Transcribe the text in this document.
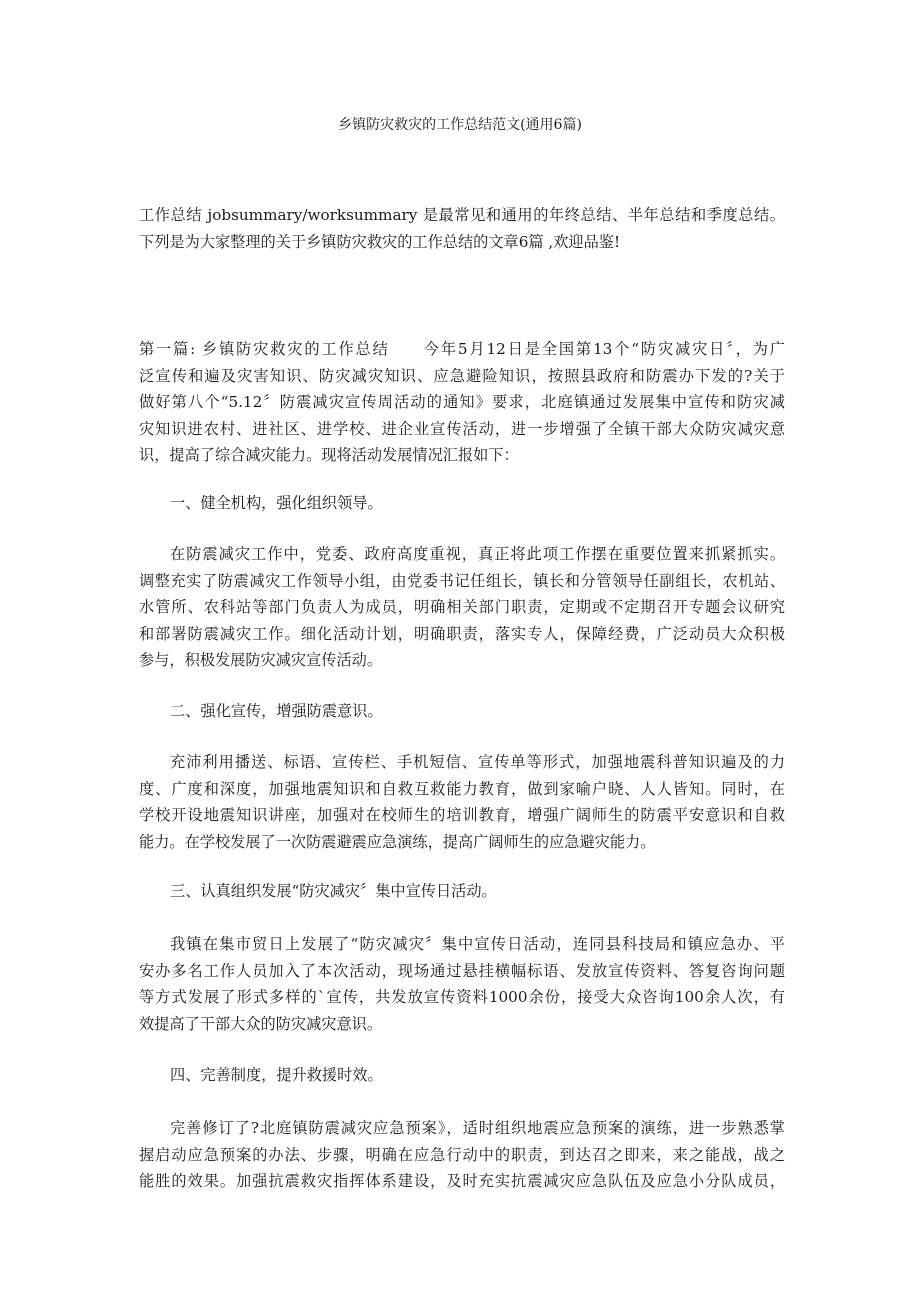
乡镇防灾救灾的工作总结范文(通用6篇)
工作总结 jobsummary/worksummary 是最常见和通用的年终总结、半年总结和季度总结。
下列是为大家整理的关于乡镇防灾救灾的工作总结的文章6篇 ,欢迎品鉴!
第一篇: 乡镇防灾救灾的工作总结　　今年5月12日是全国第13个“防灾减灾日〞，为广
泛宣传和遍及灾害知识、防灾减灾知识、应急避险知识，按照县政府和防震办下发的?关于
做好第八个“5.12〞防震减灾宣传周活动的通知》要求，北庭镇通过发展集中宣传和防灾减
灾知识进农村、进社区、进学校、进企业宣传活动，进一步增强了全镇干部大众防灾减灾意
识，提高了综合减灾能力。现将活动发展情况汇报如下：
一、健全机构，强化组织领导。
在防震减灾工作中，党委、政府高度重视，真正将此项工作摆在重要位置来抓紧抓实。
调整充实了防震减灾工作领导小组，由党委书记任组长，镇长和分管领导任副组长，农机站、
水管所、农科站等部门负责人为成员，明确相关部门职责，定期或不定期召开专题会议研究
和部署防震减灾工作。细化活动计划，明确职责，落实专人，保障经费，广泛动员大众积极
参与，积极发展防灾减灾宣传活动。
二、强化宣传，增强防震意识。
充沛利用播送、标语、宣传栏、手机短信、宣传单等形式，加强地震科普知识遍及的力
度、广度和深度，加强地震知识和自救互救能力教育，做到家喻户晓、人人皆知。同时，在
学校开设地震知识讲座，加强对在校师生的培训教育，增强广阔师生的防震平安意识和自救
能力。在学校发展了一次防震避震应急演练，提高广阔师生的应急避灾能力。
三、认真组织发展“防灾减灾〞集中宣传日活动。
我镇在集市贸日上发展了“防灾减灾〞集中宣传日活动，连同县科技局和镇应急办、平
安办多名工作人员加入了本次活动，现场通过悬挂横幅标语、发放宣传资料、答复咨询问题
等方式发展了形式多样的`宣传，共发放宣传资料1000余份，接受大众咨询100余人次，有
效提高了干部大众的防灾减灾意识。
四、完善制度，提升救援时效。
完善修订了?北庭镇防震减灾应急预案》，适时组织地震应急预案的演练，进一步熟悉掌
握启动应急预案的办法、步骤，明确在应急行动中的职责，到达召之即来，来之能战，战之
能胜的效果。加强抗震救灾指挥体系建设，及时充实抗震减灾应急队伍及应急小分队成员，
